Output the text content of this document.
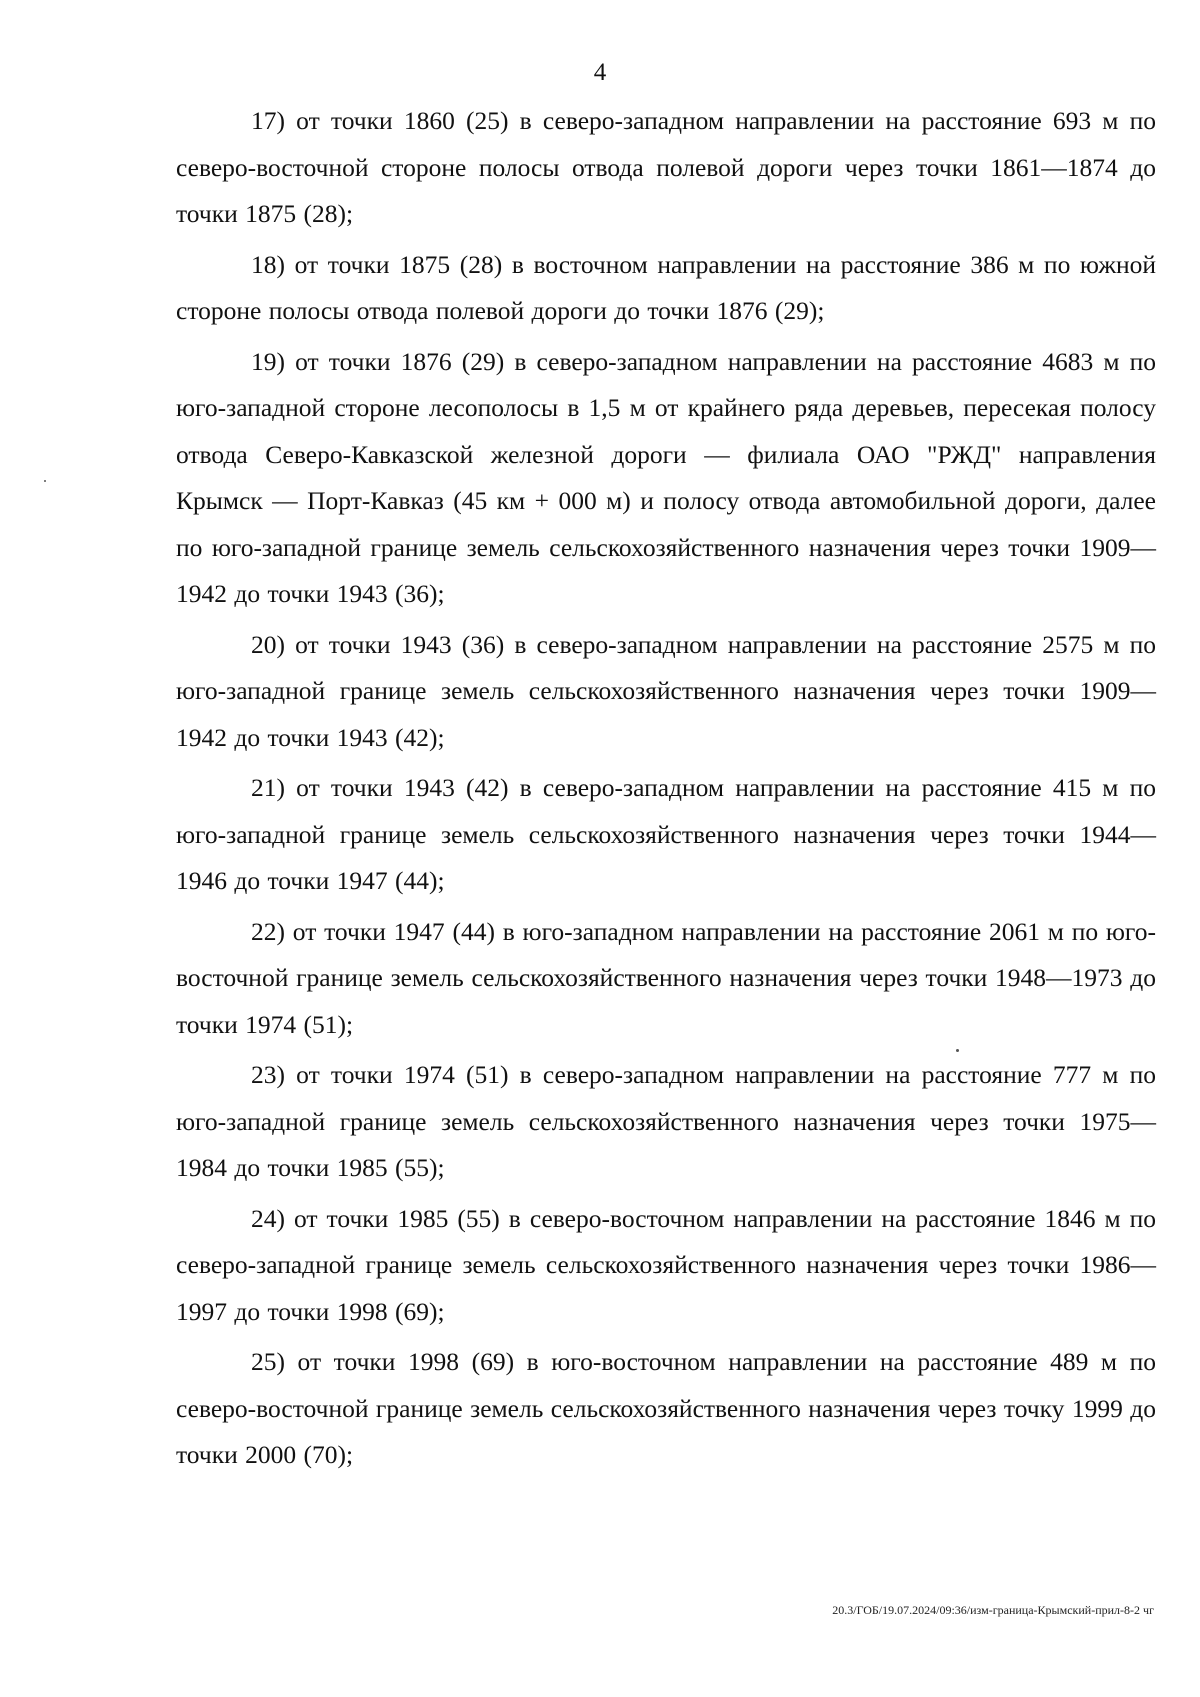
4

17) от точки 1860 (25) в северо-западном направлении на расстояние 693 м по северо-восточной стороне полосы отвода полевой дороги через точки 1861—1874 до точки 1875 (28);

18) от точки 1875 (28) в восточном направлении на расстояние 386 м по южной стороне полосы отвода полевой дороги до точки 1876 (29);

19) от точки 1876 (29) в северо-западном направлении на расстояние 4683 м по юго-западной стороне лесополосы в 1,5 м от крайнего ряда деревьев, пересекая полосу отвода Северо-Кавказской железной дороги — филиала ОАО "РЖД" направления Крымск — Порт-Кавказ (45 км + 000 м) и полосу отвода автомобильной дороги, далее по юго-западной границе земель сельскохозяйственного назначения через точки 1909—1942 до точки 1943 (36);

20) от точки 1943 (36) в северо-западном направлении на расстояние 2575 м по юго-западной границе земель сельскохозяйственного назначения через точки 1909—1942 до точки 1943 (42);

21) от точки 1943 (42) в северо-западном направлении на расстояние 415 м по юго-западной границе земель сельскохозяйственного назначения через точки 1944—1946 до точки 1947 (44);

22) от точки 1947 (44) в юго-западном направлении на расстояние 2061 м по юго-восточной границе земель сельскохозяйственного назначения через точки 1948—1973 до точки 1974 (51);

23) от точки 1974 (51) в северо-западном направлении на расстояние 777 м по юго-западной границе земель сельскохозяйственного назначения через точки 1975—1984 до точки 1985 (55);

24) от точки 1985 (55) в северо-восточном направлении на расстояние 1846 м по северо-западной границе земель сельскохозяйственного назначения через точки 1986—1997 до точки 1998 (69);

25) от точки 1998 (69) в юго-восточном направлении на расстояние 489 м по северо-восточной границе земель сельскохозяйственного назначения через точку 1999 до точки 2000 (70);

20.3/ГОБ/19.07.2024/09:36/изм-граница-Крымский-прил-8-2 чг
